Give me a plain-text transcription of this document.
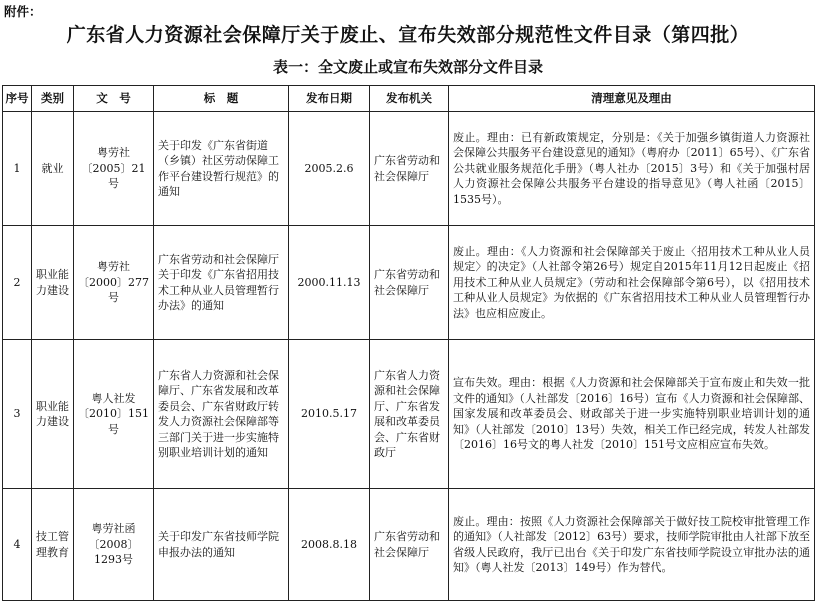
附件：
广东省人力资源社会保障厅关于废止、宣布失效部分规范性文件目录（第四批）
表一：全文废止或宣布失效部分文件目录
序号	类别	文　号	标　题	发布日期	发布机关	清理意见及理由
1	就业	粤劳社〔2005〕21号	关于印发《广东省街道（乡镇）社区劳动保障工作平台建设暂行规范》的通知	2005.2.6	广东省劳动和社会保障厅	废止。理由：已有新政策规定，分别是：《关于加强乡镇街道人力资源社会保障公共服务平台建设意见的通知》（粤府办〔2011〕65号）、《广东省公共就业服务规范化手册》（粤人社办〔2015〕3号）和《关于加强村居人力资源社会保障公共服务平台建设的指导意见》（粤人社函〔2015〕1535号）。
2	职业能力建设	粤劳社〔2000〕277号	广东省劳动和社会保障厅关于印发《广东省招用技术工种从业人员管理暂行办法》的通知	2000.11.13	广东省劳动和社会保障厅	废止。理由：《人力资源和社会保障部关于废止〈招用技术工种从业人员规定〉的决定》（人社部令第26号）规定自2015年11月12日起废止《招用技术工种从业人员规定》（劳动和社会保障部令第6号），以《招用技术工种从业人员规定》为依据的《广东省招用技术工种从业人员管理暂行办法》也应相应废止。
3	职业能力建设	粤人社发〔2010〕151号	广东省人力资源和社会保障厅、广东省发展和改革委员会、广东省财政厅转发人力资源社会保障部等三部门关于进一步实施特别职业培训计划的通知	2010.5.17	广东省人力资源和社会保障厅、广东省发展和改革委员会、广东省财政厅	宣布失效。理由：根据《人力资源和社会保障部关于宣布废止和失效一批文件的通知》（人社部发〔2016〕16号）宣布《人力资源和社会保障部、国家发展和改革委员会、财政部关于进一步实施特别职业培训计划的通知》（人社部发〔2010〕13号）失效，相关工作已经完成，转发人社部发〔2016〕16号文的粤人社发〔2010〕151号文应相应宣布失效。
4	技工管理教育	粤劳社函〔2008〕1293号	关于印发广东省技师学院申报办法的通知	2008.8.18	广东省劳动和社会保障厅	废止。理由：按照《人力资源社会保障部关于做好技工院校审批管理工作的通知》（人社部发〔2012〕63号）要求，技师学院审批由人社部下放至省级人民政府，我厅已出台《关于印发广东省技师学院设立审批办法的通知》（粤人社发〔2013〕149号）作为替代。
